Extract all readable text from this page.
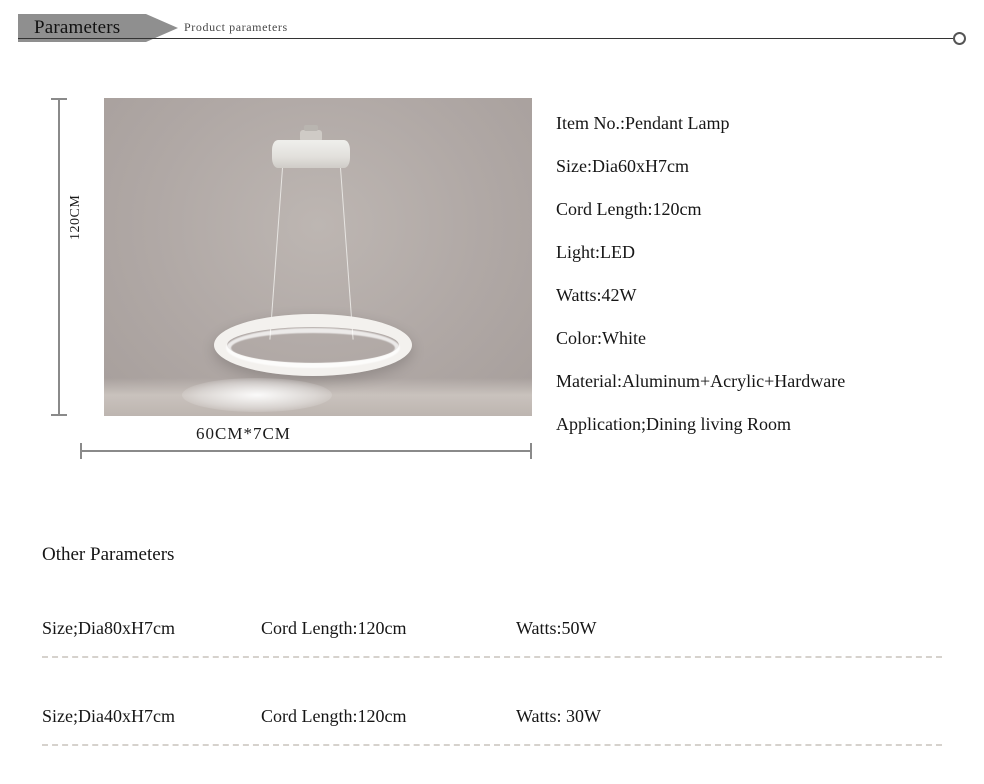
Parameters	Product parameters
120CM
60CM*7CM
Item No.:Pendant Lamp
Size:Dia60xH7cm
Cord Length:120cm
Light:LED
Watts:42W
Color:White
Material:Aluminum+Acrylic+Hardware
Application;Dining living Room
Other Parameters
Size;Dia80xH7cm	Cord Length:120cm	Watts:50W
Size;Dia40xH7cm	Cord Length:120cm	Watts: 30W
